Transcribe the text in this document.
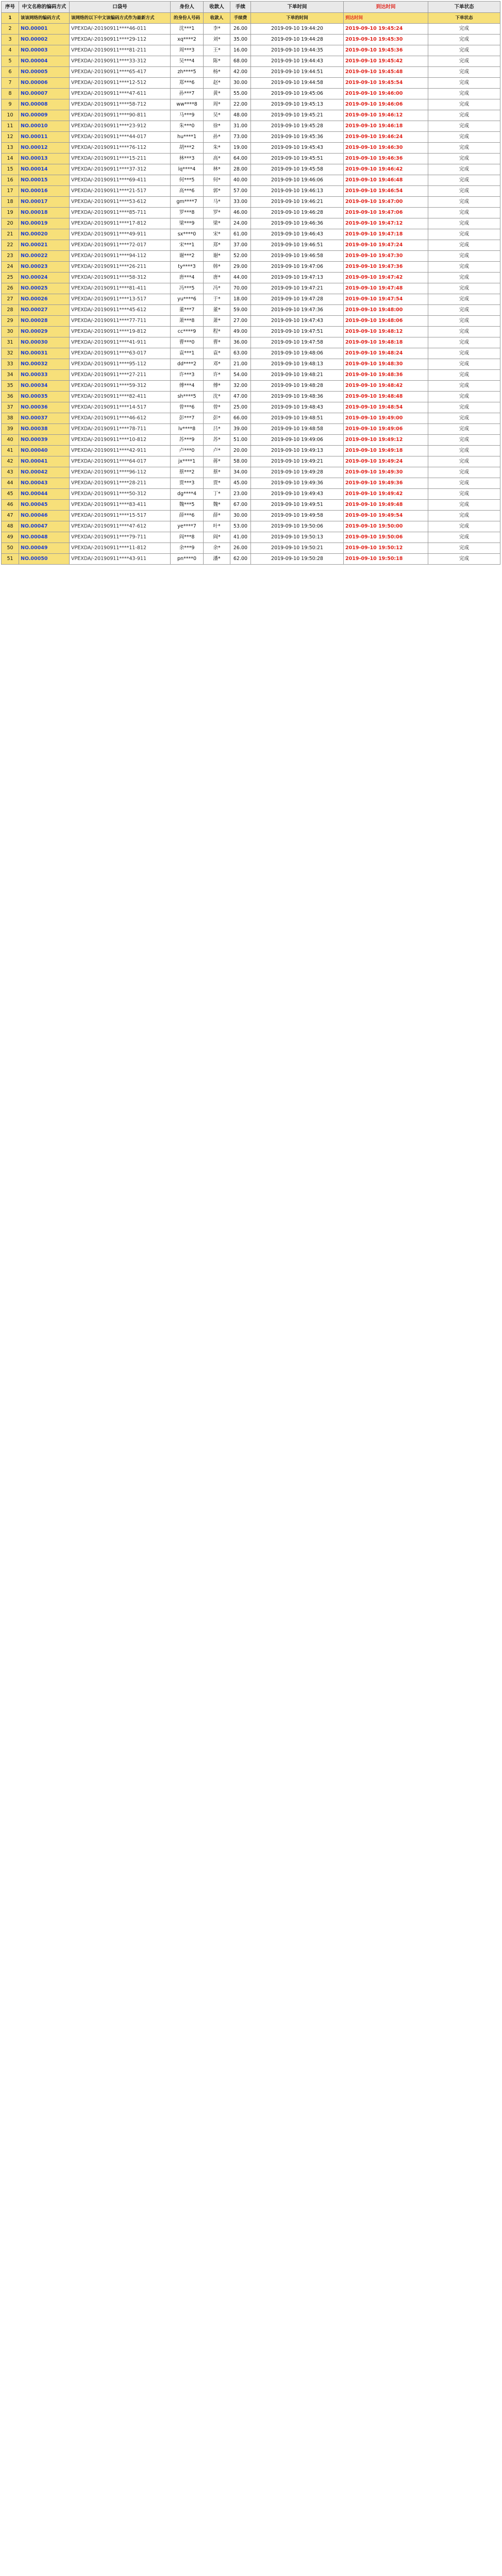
序号	中文名称的编码方式	口袋号	身份人	收款人	手续	下单时间	到达时间	下单状态
1	该该网络的编码方式	该网络的以下中文该编码方式作为最新方式	的身份人号码	收款人	手续费	下单的时间	到达时间	下单状态
2	NO.00001	VPEXDA/-20190911****46-011	沈***1	李*	26.00	2019-09-10 19:44:20	2019-09-10 19:45:24	完成
3	NO.00002	VPEXDA/-20190911****29-112	xq****2	刘*	35.00	2019-09-10 19:44:28	2019-09-10 19:45:30	完成
4	NO.00003	VPEXDA/-20190911****81-211	周***3	王*	16.00	2019-09-10 19:44:35	2019-09-10 19:45:36	完成
5	NO.00004	VPEXDA/-20190911****33-312	吴***4	陈*	68.00	2019-09-10 19:44:43	2019-09-10 19:45:42	完成
6	NO.00005	VPEXDA/-20190911****65-417	zh****5	杨*	42.00	2019-09-10 19:44:51	2019-09-10 19:45:48	完成
7	NO.00006	VPEXDA/-20190911****12-512	郑***6	赵*	30.00	2019-09-10 19:44:58	2019-09-10 19:45:54	完成
8	NO.00007	VPEXDA/-20190911****47-611	孙***7	黄*	55.00	2019-09-10 19:45:06	2019-09-10 19:46:00	完成
9	NO.00008	VPEXDA/-20190911****58-712	ww****8	周*	22.00	2019-09-10 19:45:13	2019-09-10 19:46:06	完成
10	NO.00009	VPEXDA/-20190911****90-811	马***9	吴*	48.00	2019-09-10 19:45:21	2019-09-10 19:46:12	完成
11	NO.00010	VPEXDA/-20190911****23-912	朱***0	徐*	31.00	2019-09-10 19:45:28	2019-09-10 19:46:18	完成
12	NO.00011	VPEXDA/-20190911****44-017	hu****1	孙*	73.00	2019-09-10 19:45:36	2019-09-10 19:46:24	完成
13	NO.00012	VPEXDA/-20190911****76-112	胡***2	朱*	19.00	2019-09-10 19:45:43	2019-09-10 19:46:30	完成
14	NO.00013	VPEXDA/-20190911****15-211	林***3	高*	64.00	2019-09-10 19:45:51	2019-09-10 19:46:36	完成
15	NO.00014	VPEXDA/-20190911****37-312	lq****4	林*	28.00	2019-09-10 19:45:58	2019-09-10 19:46:42	完成
16	NO.00015	VPEXDA/-20190911****69-411	何***5	何*	40.00	2019-09-10 19:46:06	2019-09-10 19:46:48	完成
17	NO.00016	VPEXDA/-20190911****21-517	高***6	郭*	57.00	2019-09-10 19:46:13	2019-09-10 19:46:54	完成
18	NO.00017	VPEXDA/-20190911****53-612	gm****7	马*	33.00	2019-09-10 19:46:21	2019-09-10 19:47:00	完成
19	NO.00018	VPEXDA/-20190911****85-711	罗***8	罗*	46.00	2019-09-10 19:46:28	2019-09-10 19:47:06	完成
20	NO.00019	VPEXDA/-20190911****17-812	梁***9	梁*	24.00	2019-09-10 19:46:36	2019-09-10 19:47:12	完成
21	NO.00020	VPEXDA/-20190911****49-911	sx****0	宋*	61.00	2019-09-10 19:46:43	2019-09-10 19:47:18	完成
22	NO.00021	VPEXDA/-20190911****72-017	宋***1	郑*	37.00	2019-09-10 19:46:51	2019-09-10 19:47:24	完成
23	NO.00022	VPEXDA/-20190911****94-112	谢***2	谢*	52.00	2019-09-10 19:46:58	2019-09-10 19:47:30	完成
24	NO.00023	VPEXDA/-20190911****26-211	ty****3	韩*	29.00	2019-09-10 19:47:06	2019-09-10 19:47:36	完成
25	NO.00024	VPEXDA/-20190911****58-312	唐***4	唐*	44.00	2019-09-10 19:47:13	2019-09-10 19:47:42	完成
26	NO.00025	VPEXDA/-20190911****81-411	冯***5	冯*	70.00	2019-09-10 19:47:21	2019-09-10 19:47:48	完成
27	NO.00026	VPEXDA/-20190911****13-517	yu****6	于*	18.00	2019-09-10 19:47:28	2019-09-10 19:47:54	完成
28	NO.00027	VPEXDA/-20190911****45-612	董***7	董*	59.00	2019-09-10 19:47:36	2019-09-10 19:48:00	完成
29	NO.00028	VPEXDA/-20190911****77-711	萧***8	萧*	27.00	2019-09-10 19:47:43	2019-09-10 19:48:06	完成
30	NO.00029	VPEXDA/-20190911****19-812	cc****9	程*	49.00	2019-09-10 19:47:51	2019-09-10 19:48:12	完成
31	NO.00030	VPEXDA/-20190911****41-911	曹***0	曹*	36.00	2019-09-10 19:47:58	2019-09-10 19:48:18	完成
32	NO.00031	VPEXDA/-20190911****63-017	袁***1	袁*	63.00	2019-09-10 19:48:06	2019-09-10 19:48:24	完成
33	NO.00032	VPEXDA/-20190911****95-112	dd****2	邓*	21.00	2019-09-10 19:48:13	2019-09-10 19:48:30	完成
34	NO.00033	VPEXDA/-20190911****27-211	许***3	许*	54.00	2019-09-10 19:48:21	2019-09-10 19:48:36	完成
35	NO.00034	VPEXDA/-20190911****59-312	傅***4	傅*	32.00	2019-09-10 19:48:28	2019-09-10 19:48:42	完成
36	NO.00035	VPEXDA/-20190911****82-411	sh****5	沈*	47.00	2019-09-10 19:48:36	2019-09-10 19:48:48	完成
37	NO.00036	VPEXDA/-20190911****14-517	曾***6	曾*	25.00	2019-09-10 19:48:43	2019-09-10 19:48:54	完成
38	NO.00037	VPEXDA/-20190911****46-612	彭***7	彭*	66.00	2019-09-10 19:48:51	2019-09-10 19:49:00	完成
39	NO.00038	VPEXDA/-20190911****78-711	lv****8	吕*	39.00	2019-09-10 19:48:58	2019-09-10 19:49:06	完成
40	NO.00039	VPEXDA/-20190911****10-812	苏***9	苏*	51.00	2019-09-10 19:49:06	2019-09-10 19:49:12	完成
41	NO.00040	VPEXDA/-20190911****42-911	卢***0	卢*	20.00	2019-09-10 19:49:13	2019-09-10 19:49:18	完成
42	NO.00041	VPEXDA/-20190911****64-017	jx****1	蒋*	58.00	2019-09-10 19:49:21	2019-09-10 19:49:24	完成
43	NO.00042	VPEXDA/-20190911****96-112	蔡***2	蔡*	34.00	2019-09-10 19:49:28	2019-09-10 19:49:30	完成
44	NO.00043	VPEXDA/-20190911****28-211	贾***3	贾*	45.00	2019-09-10 19:49:36	2019-09-10 19:49:36	完成
45	NO.00044	VPEXDA/-20190911****50-312	dg****4	丁*	23.00	2019-09-10 19:49:43	2019-09-10 19:49:42	完成
46	NO.00045	VPEXDA/-20190911****83-411	魏***5	魏*	67.00	2019-09-10 19:49:51	2019-09-10 19:49:48	完成
47	NO.00046	VPEXDA/-20190911****15-517	薛***6	薛*	30.00	2019-09-10 19:49:58	2019-09-10 19:49:54	完成
48	NO.00047	VPEXDA/-20190911****47-612	ye****7	叶*	53.00	2019-09-10 19:50:06	2019-09-10 19:50:00	完成
49	NO.00048	VPEXDA/-20190911****79-711	阎***8	阎*	41.00	2019-09-10 19:50:13	2019-09-10 19:50:06	完成
50	NO.00049	VPEXDA/-20190911****11-812	余***9	余*	26.00	2019-09-10 19:50:21	2019-09-10 19:50:12	完成
51	NO.00050	VPEXDA/-20190911****43-911	pn****0	潘*	62.00	2019-09-10 19:50:28	2019-09-10 19:50:18	完成
